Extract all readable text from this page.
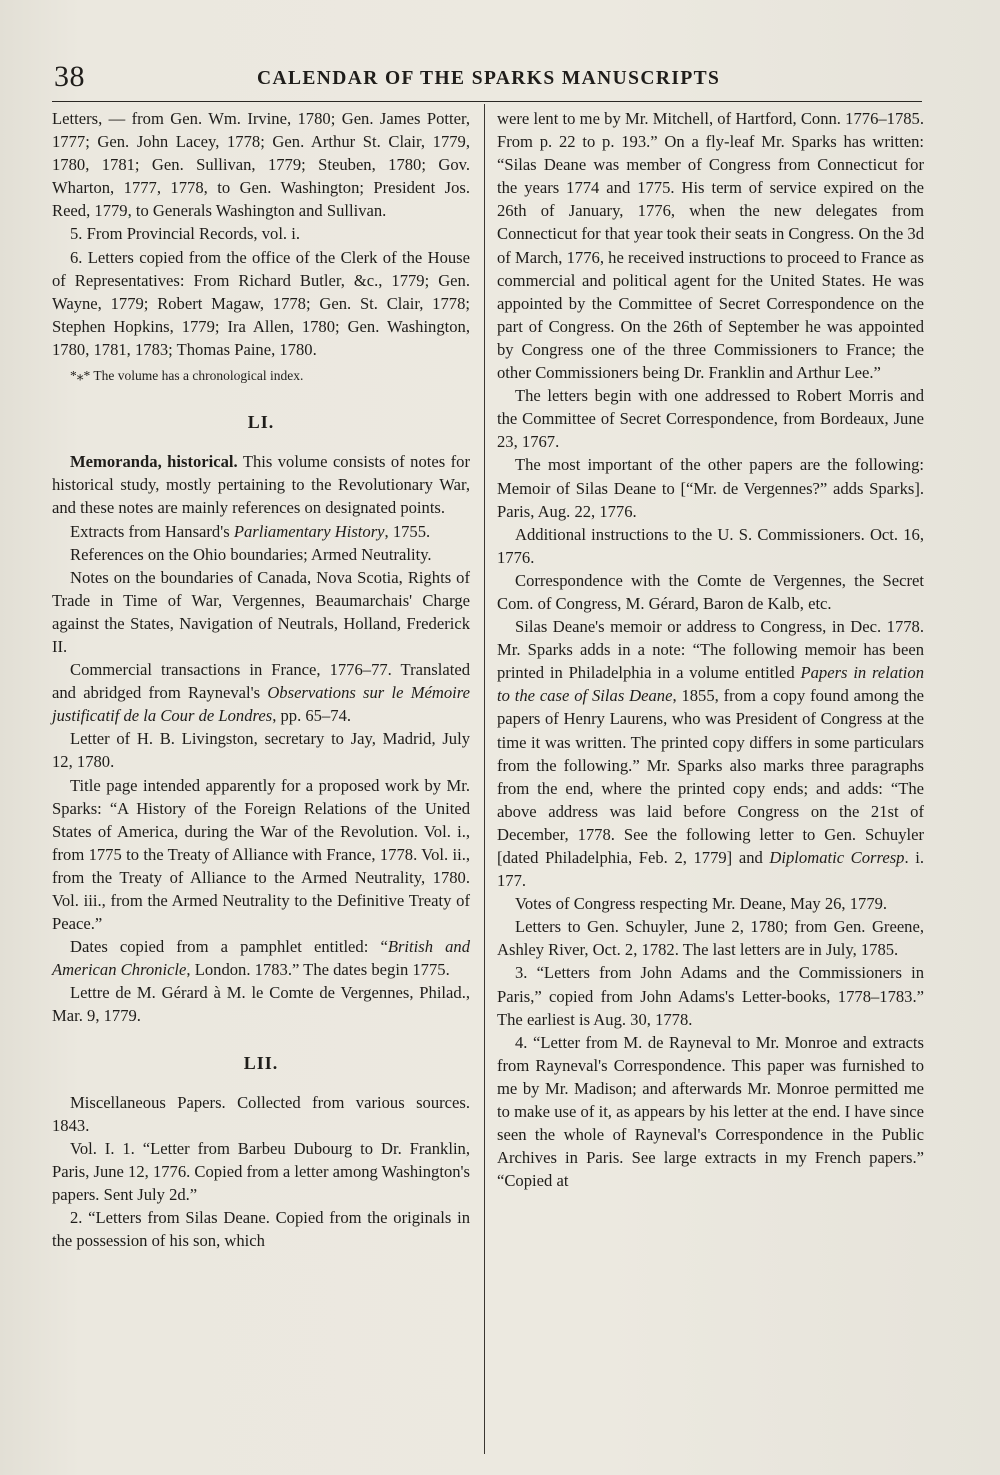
38	CALENDAR OF THE SPARKS MANUSCRIPTS

Letters, — from Gen. Wm. Irvine, 1780; Gen. James Potter, 1777; Gen. John Lacey, 1778; Gen. Arthur St. Clair, 1779, 1780, 1781; Gen. Sullivan, 1779; Steuben, 1780; Gov. Wharton, 1777, 1778, to Gen. Washington; President Jos. Reed, 1779, to Generals Washington and Sullivan.

5. From Provincial Records, vol. i.

6. Letters copied from the office of the Clerk of the House of Representatives: From Richard Butler, &c., 1779; Gen. Wayne, 1779; Robert Magaw, 1778; Gen. St. Clair, 1778; Stephen Hopkins, 1779; Ira Allen, 1780; Gen. Washington, 1780, 1781, 1783; Thomas Paine, 1780.

*⁎* The volume has a chronological index.

LI.

Memoranda, historical. This volume consists of notes for historical study, mostly pertaining to the Revolutionary War, and these notes are mainly references on designated points.

Extracts from Hansard's Parliamentary History, 1755.

References on the Ohio boundaries; Armed Neutrality.

Notes on the boundaries of Canada, Nova Scotia, Rights of Trade in Time of War, Vergennes, Beaumarchais' Charge against the States, Navigation of Neutrals, Holland, Frederick II.

Commercial transactions in France, 1776–77. Translated and abridged from Rayneval's Observations sur le Mémoire justificatif de la Cour de Londres, pp. 65–74.

Letter of H. B. Livingston, secretary to Jay, Madrid, July 12, 1780.

Title page intended apparently for a proposed work by Mr. Sparks: “A History of the Foreign Relations of the United States of America, during the War of the Revolution. Vol. i., from 1775 to the Treaty of Alliance with France, 1778. Vol. ii., from the Treaty of Alliance to the Armed Neutrality, 1780. Vol. iii., from the Armed Neutrality to the Definitive Treaty of Peace.”

Dates copied from a pamphlet entitled: “British and American Chronicle, London. 1783.” The dates begin 1775.

Lettre de M. Gérard à M. le Comte de Vergennes, Philad., Mar. 9, 1779.

LII.

Miscellaneous Papers. Collected from various sources. 1843.

Vol. I. 1. “Letter from Barbeu Dubourg to Dr. Franklin, Paris, June 12, 1776. Copied from a letter among Washington's papers. Sent July 2d.”

2. “Letters from Silas Deane. Copied from the originals in the possession of his son, which

were lent to me by Mr. Mitchell, of Hartford, Conn. 1776–1785. From p. 22 to p. 193.” On a fly-leaf Mr. Sparks has written: “Silas Deane was member of Congress from Connecticut for the years 1774 and 1775. His term of service expired on the 26th of January, 1776, when the new delegates from Connecticut for that year took their seats in Congress. On the 3d of March, 1776, he received instructions to proceed to France as commercial and political agent for the United States. He was appointed by the Committee of Secret Correspondence on the part of Congress. On the 26th of September he was appointed by Congress one of the three Commissioners to France; the other Commissioners being Dr. Franklin and Arthur Lee.”

The letters begin with one addressed to Robert Morris and the Committee of Secret Correspondence, from Bordeaux, June 23, 1767.

The most important of the other papers are the following: Memoir of Silas Deane to [“Mr. de Vergennes?” adds Sparks]. Paris, Aug. 22, 1776.

Additional instructions to the U. S. Commissioners. Oct. 16, 1776.

Correspondence with the Comte de Vergennes, the Secret Com. of Congress, M. Gérard, Baron de Kalb, etc.

Silas Deane's memoir or address to Congress, in Dec. 1778. Mr. Sparks adds in a note: “The following memoir has been printed in Philadelphia in a volume entitled Papers in relation to the case of Silas Deane, 1855, from a copy found among the papers of Henry Laurens, who was President of Congress at the time it was written. The printed copy differs in some particulars from the following.” Mr. Sparks also marks three paragraphs from the end, where the printed copy ends; and adds: “The above address was laid before Congress on the 21st of December, 1778. See the following letter to Gen. Schuyler [dated Philadelphia, Feb. 2, 1779] and Diplomatic Corresp. i. 177.

Votes of Congress respecting Mr. Deane, May 26, 1779.

Letters to Gen. Schuyler, June 2, 1780; from Gen. Greene, Ashley River, Oct. 2, 1782. The last letters are in July, 1785.

3. “Letters from John Adams and the Commissioners in Paris,” copied from John Adams's Letter-books, 1778–1783.” The earliest is Aug. 30, 1778.

4. “Letter from M. de Rayneval to Mr. Monroe and extracts from Rayneval's Correspondence. This paper was furnished to me by Mr. Madison; and afterwards Mr. Monroe permitted me to make use of it, as appears by his letter at the end. I have since seen the whole of Rayneval's Correspondence in the Public Archives in Paris. See large extracts in my French papers.” “Copied at
